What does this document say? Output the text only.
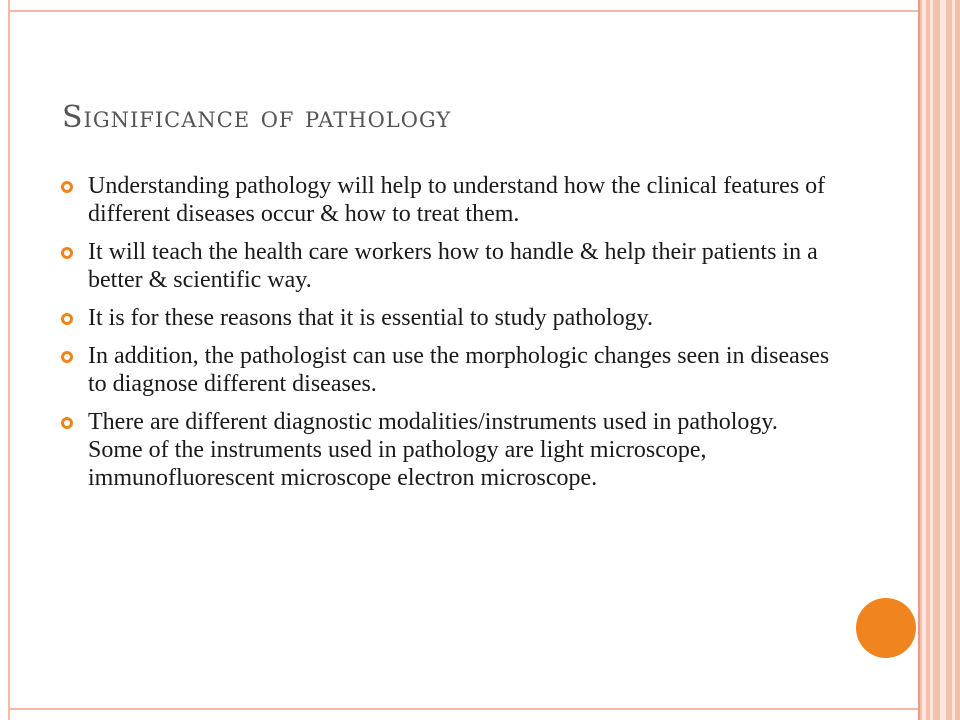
Significance of pathology
Understanding pathology will help to understand how the clinical features of different diseases occur & how to treat them.
It will teach the health care workers how to handle & help their patients in a better & scientific way.
It is for these reasons that it is essential to study pathology.
In addition, the pathologist can use the morphologic changes seen in diseases to diagnose different diseases.
There are different diagnostic modalities/instruments used in pathology. Some of the instruments used in pathology are light microscope, immunofluorescent microscope electron microscope.
